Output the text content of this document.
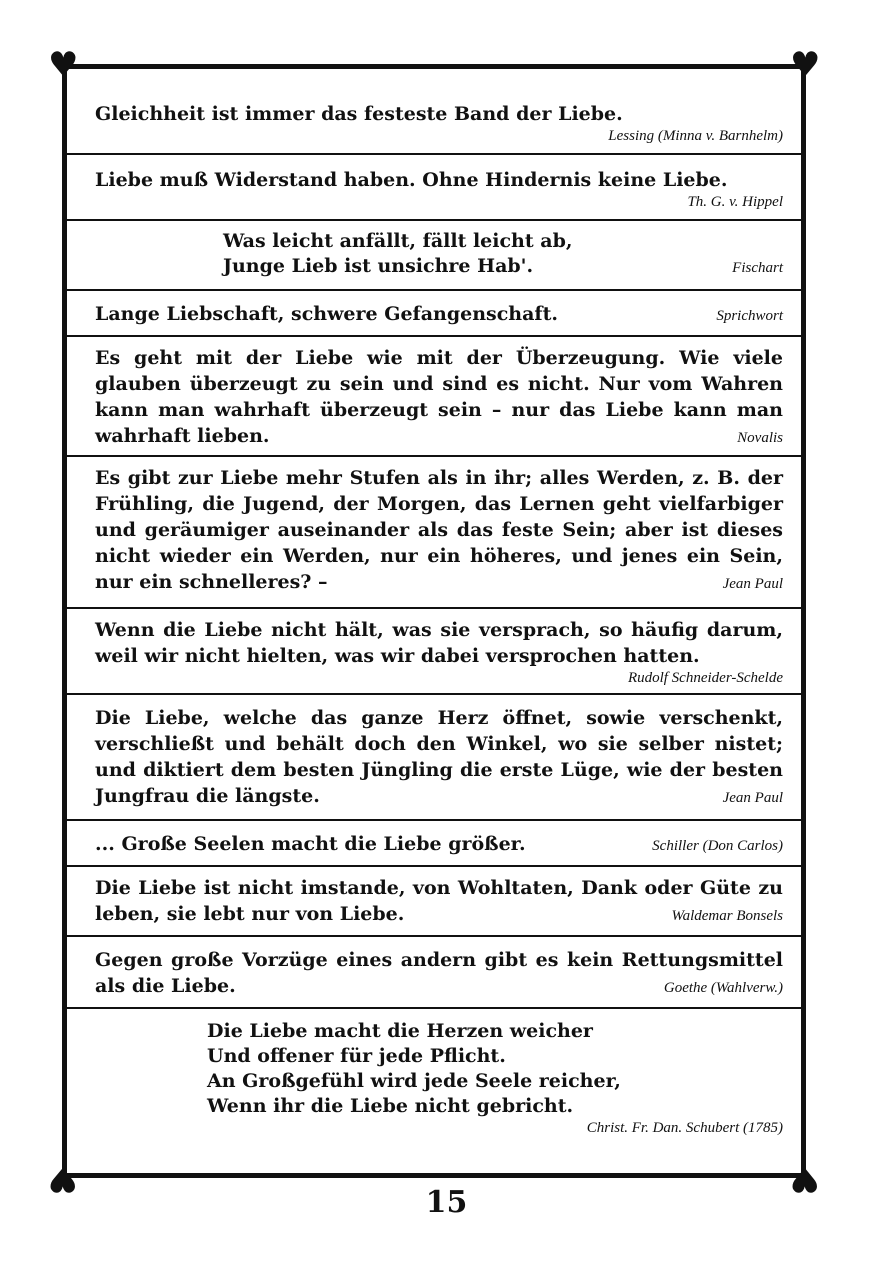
♥	♥
♥	♥

Gleichheit ist immer das festeste Band der Liebe.

Lessing (Minna v. Barnhelm)

Liebe muß Widerstand haben. Ohne Hindernis keine Liebe.

Th. G. v. Hippel

Was leicht anfällt, fällt leicht ab,

Junge Lieb ist unsichre Hab'.	Fischart

Lange Liebschaft, schwere Gefangenschaft.	Sprichwort

Es geht mit der Liebe wie mit der Überzeugung. Wie viele glauben überzeugt zu sein und sind es nicht. Nur vom Wahren kann man wahrhaft überzeugt sein – nur das Liebe kann man wahrhaft lieben.	Novalis

Es gibt zur Liebe mehr Stufen als in ihr; alles Werden, z. B. der Frühling, die Jugend, der Morgen, das Lernen geht vielfarbiger und geräumiger auseinander als das feste Sein; aber ist dieses nicht wieder ein Werden, nur ein höheres, und jenes ein Sein, nur ein schnelleres? –	Jean Paul

Wenn die Liebe nicht hält, was sie versprach, so häufig darum, weil wir nicht hielten, was wir dabei versprochen hatten.

Rudolf Schneider-Schelde

Die Liebe, welche das ganze Herz öffnet, sowie verschenkt, verschließt und behält doch den Winkel, wo sie selber nistet; und diktiert dem besten Jüngling die erste Lüge, wie der besten Jungfrau die längste.	Jean Paul

... Große Seelen macht die Liebe größer.	Schiller (Don Carlos)

Die Liebe ist nicht imstande, von Wohltaten, Dank oder Güte zu leben, sie lebt nur von Liebe.	Waldemar Bonsels

Gegen große Vorzüge eines andern gibt es kein Rettungsmittel als die Liebe.	Goethe (Wahlverw.)

Die Liebe macht die Herzen weicher

Und offener für jede Pflicht.

An Großgefühl wird jede Seele reicher,

Wenn ihr die Liebe nicht gebricht.

Christ. Fr. Dan. Schubert (1785)
15
